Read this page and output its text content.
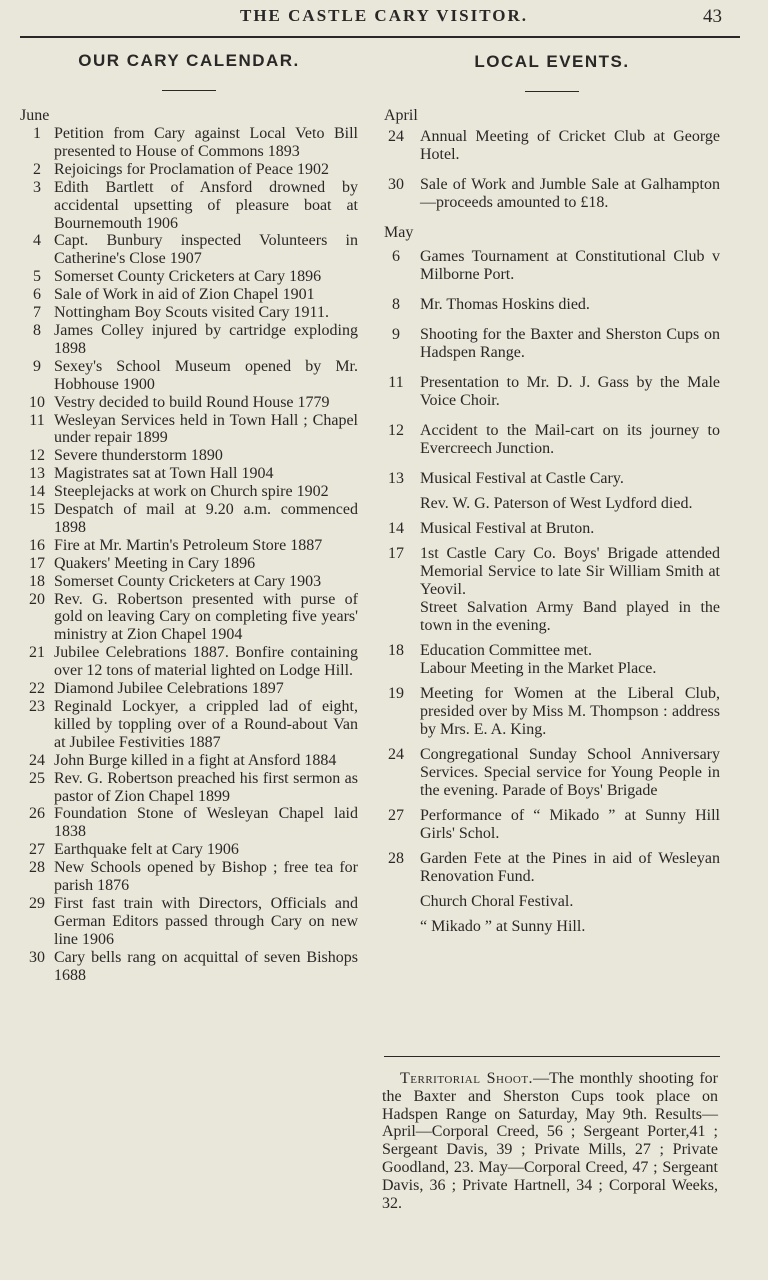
THE CASTLE CARY VISITOR.	43
OUR CARY CALENDAR.
June
1 Petition from Cary against Local Veto Bill presented to House of Commons 1893
2 Rejoicings for Proclamation of Peace 1902
3 Edith Bartlett of Ansford drowned by accidental upsetting of pleasure boat at Bournemouth 1906
4 Capt. Bunbury inspected Volunteers in Catherine's Close 1907
5 Somerset County Cricketers at Cary 1896
6 Sale of Work in aid of Zion Chapel 1901
7 Nottingham Boy Scouts visited Cary 1911.
8 James Colley injured by cartridge exploding 1898
9 Sexey's School Museum opened by Mr. Hobhouse 1900
10 Vestry decided to build Round House 1779
11 Wesleyan Services held in Town Hall ; Chapel under repair 1899
12 Severe thunderstorm 1890
13 Magistrates sat at Town Hall 1904
14 Steeplejacks at work on Church spire 1902
15 Despatch of mail at 9.20 a.m. commenced 1898
16 Fire at Mr. Martin's Petroleum Store 1887
17 Quakers' Meeting in Cary 1896
18 Somerset County Cricketers at Cary 1903
20 Rev. G. Robertson presented with purse of gold on leaving Cary on completing five years' ministry at Zion Chapel 1904
21 Jubilee Celebrations 1887. Bonfire containing over 12 tons of material lighted on Lodge Hill.
22 Diamond Jubilee Celebrations 1897
23 Reginald Lockyer, a crippled lad of eight, killed by toppling over of a Round-about Van at Jubilee Festivities 1887
24 John Burge killed in a fight at Ansford 1884
25 Rev. G. Robertson preached his first sermon as pastor of Zion Chapel 1899
26 Foundation Stone of Wesleyan Chapel laid 1838
27 Earthquake felt at Cary 1906
28 New Schools opened by Bishop ; free tea for parish 1876
29 First fast train with Directors, Officials and German Editors passed through Cary on new line 1906
30 Cary bells rang on acquittal of seven Bishops 1688
LOCAL EVENTS.
April
24 Annual Meeting of Cricket Club at George Hotel.
30 Sale of Work and Jumble Sale at Galhampton—proceeds amounted to £18.
May
6	Games Tournament at Constitutional Club v Milborne Port.
8	Mr. Thomas Hoskins died.
9	Shooting for the Baxter and Sherston Cups on Hadspen Range.
11 Presentation to Mr. D. J. Gass by the Male Voice Choir.
12 Accident to the Mail-cart on its journey to Evercreech Junction.
13 Musical Festival at Castle Cary.
Rev. W. G. Paterson of West Lydford died.
14 Musical Festival at Bruton.
17 1st Castle Cary Co. Boys' Brigade attended Memorial Service to late Sir William Smith at Yeovil.
Street Salvation Army Band played in the town in the evening.
18 Education Committee met.
Labour Meeting in the Market Place.
19 Meeting for Women at the Liberal Club, presided over by Miss M. Thompson : address by Mrs. E. A. King.
24 Congregational Sunday School Anniversary Services. Special service for Young People in the evening. Parade of Boys' Brigade
27 Performance of “ Mikado ” at Sunny Hill Girls' Schol.
28 Garden Fete at the Pines in aid of Wesleyan Renovation Fund.
Church Choral Festival.
“ Mikado ” at Sunny Hill.

Territorial Shoot.—The monthly shooting for the Baxter and Sherston Cups took place on Hadspen Range on Saturday, May 9th. Results—April—Corporal Creed, 56 ; Sergeant Porter,41 ; Sergeant Davis, 39 ; Private Mills, 27 ; Private Goodland, 23. May—Corporal Creed, 47 ; Sergeant Davis, 36 ; Private Hartnell, 34 ; Corporal Weeks, 32.
